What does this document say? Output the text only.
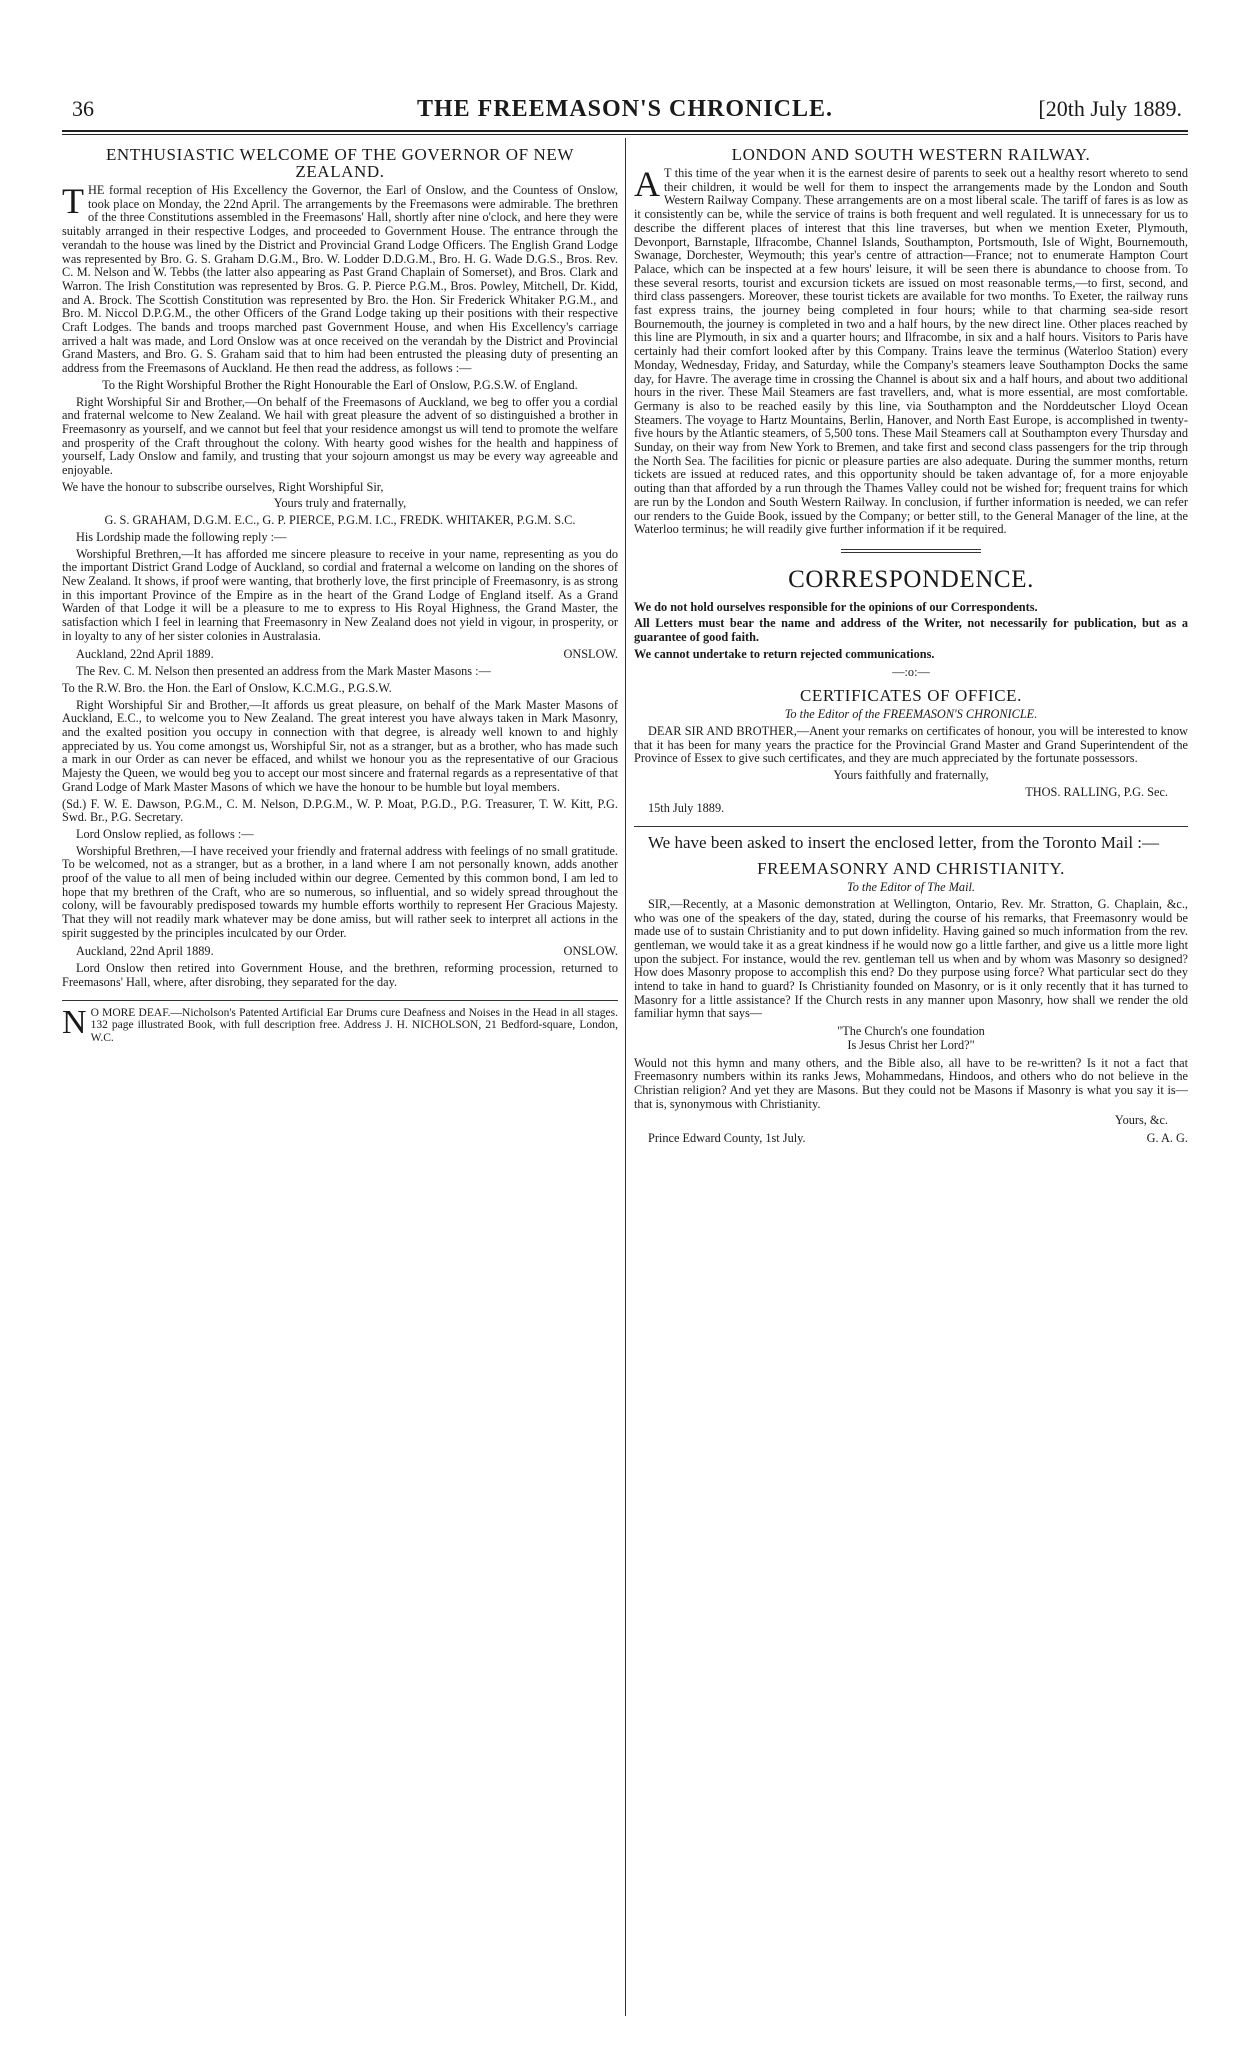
36	THE FREEMASON'S CHRONICLE.	[20th July 1889.
ENTHUSIASTIC WELCOME OF THE GOVERNOR OF NEW ZEALAND.

THE formal reception of His Excellency the Governor, the Earl of Onslow, and the Countess of Onslow, took place on Monday, the 22nd April. The arrangements by the Freemasons were admirable. The brethren of the three Constitutions assembled in the Freemasons' Hall, shortly after nine o'clock, and here they were suitably arranged in their respective Lodges, and proceeded to Government House. The entrance through the verandah to the house was lined by the District and Provincial Grand Lodge Officers. The English Grand Lodge was represented by Bro. G. S. Graham D.G.M., Bro. W. Lodder D.D.G.M., Bro. H. G. Wade D.G.S., Bros. Rev. C. M. Nelson and W. Tebbs (the latter also appearing as Past Grand Chaplain of Somerset), and Bros. Clark and Warron. The Irish Constitution was represented by Bros. G. P. Pierce P.G.M., Bros. Powley, Mitchell, Dr. Kidd, and A. Brock. The Scottish Constitution was represented by Bro. the Hon. Sir Frederick Whitaker P.G.M., and Bro. M. Niccol D.P.G.M., the other Officers of the Grand Lodge taking up their positions with their respective Craft Lodges. The bands and troops marched past Government House, and when His Excellency's carriage arrived a halt was made, and Lord Onslow was at once received on the verandah by the District and Provincial Grand Masters, and Bro. G. S. Graham said that to him had been entrusted the pleasing duty of presenting an address from the Freemasons of Auckland. He then read the address, as follows :—

To the Right Worshipful Brother the Right Honourable the Earl of Onslow, P.G.S.W. of England.

Right Worshipful Sir and Brother,—On behalf of the Freemasons of Auckland, we beg to offer you a cordial and fraternal welcome to New Zealand. We hail with great pleasure the advent of so distinguished a brother in Freemasonry as yourself, and we cannot but feel that your residence amongst us will tend to promote the welfare and prosperity of the Craft throughout the colony. With hearty good wishes for the health and happiness of yourself, Lady Onslow and family, and trusting that your sojourn amongst us may be every way agreeable and enjoyable.

We have the honour to subscribe ourselves, Right Worshipful Sir,

Yours truly and fraternally,

G. S. GRAHAM, D.G.M. E.C., G. P. PIERCE, P.G.M. I.C., FREDK. WHITAKER, P.G.M. S.C.

His Lordship made the following reply :—

Worshipful Brethren,—It has afforded me sincere pleasure to receive in your name, representing as you do the important District Grand Lodge of Auckland, so cordial and fraternal a welcome on landing on the shores of New Zealand. It shows, if proof were wanting, that brotherly love, the first principle of Freemasonry, is as strong in this important Province of the Empire as in the heart of the Grand Lodge of England itself. As a Grand Warden of that Lodge it will be a pleasure to me to express to His Royal Highness, the Grand Master, the satisfaction which I feel in learning that Freemasonry in New Zealand does not yield in vigour, in prosperity, or in loyalty to any of her sister colonies in Australasia.

Auckland, 22nd April 1889.	ONSLOW.

The Rev. C. M. Nelson then presented an address from the Mark Master Masons :—

To the R.W. Bro. the Hon. the Earl of Onslow, K.C.M.G., P.G.S.W.

Right Worshipful Sir and Brother,—It affords us great pleasure, on behalf of the Mark Master Masons of Auckland, E.C., to welcome you to New Zealand. The great interest you have always taken in Mark Masonry, and the exalted position you occupy in connection with that degree, is already well known to and highly appreciated by us. You come amongst us, Worshipful Sir, not as a stranger, but as a brother, who has made such a mark in our Order as can never be effaced, and whilst we honour you as the representative of our Gracious Majesty the Queen, we would beg you to accept our most sincere and fraternal regards as a representative of that Grand Lodge of Mark Master Masons of which we have the honour to be humble but loyal members.

(Sd.) F. W. E. Dawson, P.G.M., C. M. Nelson, D.P.G.M., W. P. Moat, P.G.D., P.G. Treasurer, T. W. Kitt, P.G. Swd. Br., P.G. Secretary.

Lord Onslow replied, as follows :—

Worshipful Brethren,—I have received your friendly and fraternal address with feelings of no small gratitude. To be welcomed, not as a stranger, but as a brother, in a land where I am not personally known, adds another proof of the value to all men of being included within our degree. Cemented by this common bond, I am led to hope that my brethren of the Craft, who are so numerous, so influential, and so widely spread throughout the colony, will be favourably predisposed towards my humble efforts worthily to represent Her Gracious Majesty. That they will not readily mark whatever may be done amiss, but will rather seek to interpret all actions in the spirit suggested by the principles inculcated by our Order.

Auckland, 22nd April 1889.	ONSLOW.

Lord Onslow then retired into Government House, and the brethren, reforming procession, returned to Freemasons' Hall, where, after disrobing, they separated for the day.

N O MORE DEAF.—Nicholson's Patented Artificial Ear Drums cure Deafness and Noises in the Head in all stages. 132 page illustrated Book, with full description free. Address J. H. NICHOLSON, 21 Bedford-square, London, W.C.

LONDON AND SOUTH WESTERN RAILWAY.

A T this time of the year when it is the earnest desire of parents to seek out a healthy resort whereto to send their children, it would be well for them to inspect the arrangements made by the London and South Western Railway Company. These arrangements are on a most liberal scale. The tariff of fares is as low as it consistently can be, while the service of trains is both frequent and well regulated. It is unnecessary for us to describe the different places of interest that this line traverses, but when we mention Exeter, Plymouth, Devonport, Barnstaple, Ilfracombe, Channel Islands, Southampton, Portsmouth, Isle of Wight, Bournemouth, Swanage, Dorchester, Weymouth; this year's centre of attraction—France; not to enumerate Hampton Court Palace, which can be inspected at a few hours' leisure, it will be seen there is abundance to choose from. To these several resorts, tourist and excursion tickets are issued on most reasonable terms,—to first, second, and third class passengers. Moreover, these tourist tickets are available for two months. To Exeter, the railway runs fast express trains, the journey being completed in four hours; while to that charming sea-side resort Bournemouth, the journey is completed in two and a half hours, by the new direct line. Other places reached by this line are Plymouth, in six and a quarter hours; and Ilfracombe, in six and a half hours. Visitors to Paris have certainly had their comfort looked after by this Company. Trains leave the terminus (Waterloo Station) every Monday, Wednesday, Friday, and Saturday, while the Company's steamers leave Southampton Docks the same day, for Havre. The average time in crossing the Channel is about six and a half hours, and about two additional hours in the river. These Mail Steamers are fast travellers, and, what is more essential, are most comfortable. Germany is also to be reached easily by this line, via Southampton and the Norddeutscher Lloyd Ocean Steamers. The voyage to Hartz Mountains, Berlin, Hanover, and North East Europe, is accomplished in twenty-five hours by the Atlantic steamers, of 5,500 tons. These Mail Steamers call at Southampton every Thursday and Sunday, on their way from New York to Bremen, and take first and second class passengers for the trip through the North Sea. The facilities for picnic or pleasure parties are also adequate. During the summer months, return tickets are issued at reduced rates, and this opportunity should be taken advantage of, for a more enjoyable outing than that afforded by a run through the Thames Valley could not be wished for; frequent trains for which are run by the London and South Western Railway. In conclusion, if further information is needed, we can refer our renders to the Guide Book, issued by the Company; or better still, to the General Manager of the line, at the Waterloo terminus; he will readily give further information if it be required.

CORRESPONDENCE.

We do not hold ourselves responsible for the opinions of our Correspondents.

All Letters must bear the name and address of the Writer, not necessarily for publication, but as a guarantee of good faith.

We cannot undertake to return rejected communications.

—:o:—
CERTIFICATES OF OFFICE.

To the Editor of the FREEMASON'S CHRONICLE.

DEAR SIR AND BROTHER,—Anent your remarks on certificates of honour, you will be interested to know that it has been for many years the practice for the Provincial Grand Master and Grand Superintendent of the Province of Essex to give such certificates, and they are much appreciated by the fortunate possessors.

Yours faithfully and fraternally,

THOS. RALLING, P.G. Sec.

15th July 1889.

We have been asked to insert the enclosed letter, from the Toronto Mail :—

FREEMASONRY AND CHRISTIANITY.

To the Editor of The Mail.

SIR,—Recently, at a Masonic demonstration at Wellington, Ontario, Rev. Mr. Stratton, G. Chaplain, &c., who was one of the speakers of the day, stated, during the course of his remarks, that Freemasonry would be made use of to sustain Christianity and to put down infidelity. Having gained so much information from the rev. gentleman, we would take it as a great kindness if he would now go a little farther, and give us a little more light upon the subject. For instance, would the rev. gentleman tell us when and by whom was Masonry so designed? How does Masonry propose to accomplish this end? Do they purpose using force? What particular sect do they intend to take in hand to guard? Is Christianity founded on Masonry, or is it only recently that it has turned to Masonry for a little assistance? If the Church rests in any manner upon Masonry, how shall we render the old familiar hymn that says—

"The Church's one foundation
Is Jesus Christ her Lord?"

Would not this hymn and many others, and the Bible also, all have to be re-written? Is it not a fact that Freemasonry numbers within its ranks Jews, Mohammedans, Hindoos, and others who do not believe in the Christian religion? And yet they are Masons. But they could not be Masons if Masonry is what you say it is—that is, synonymous with Christianity.

Yours, &c.

Prince Edward County, 1st July.	G. A. G.
